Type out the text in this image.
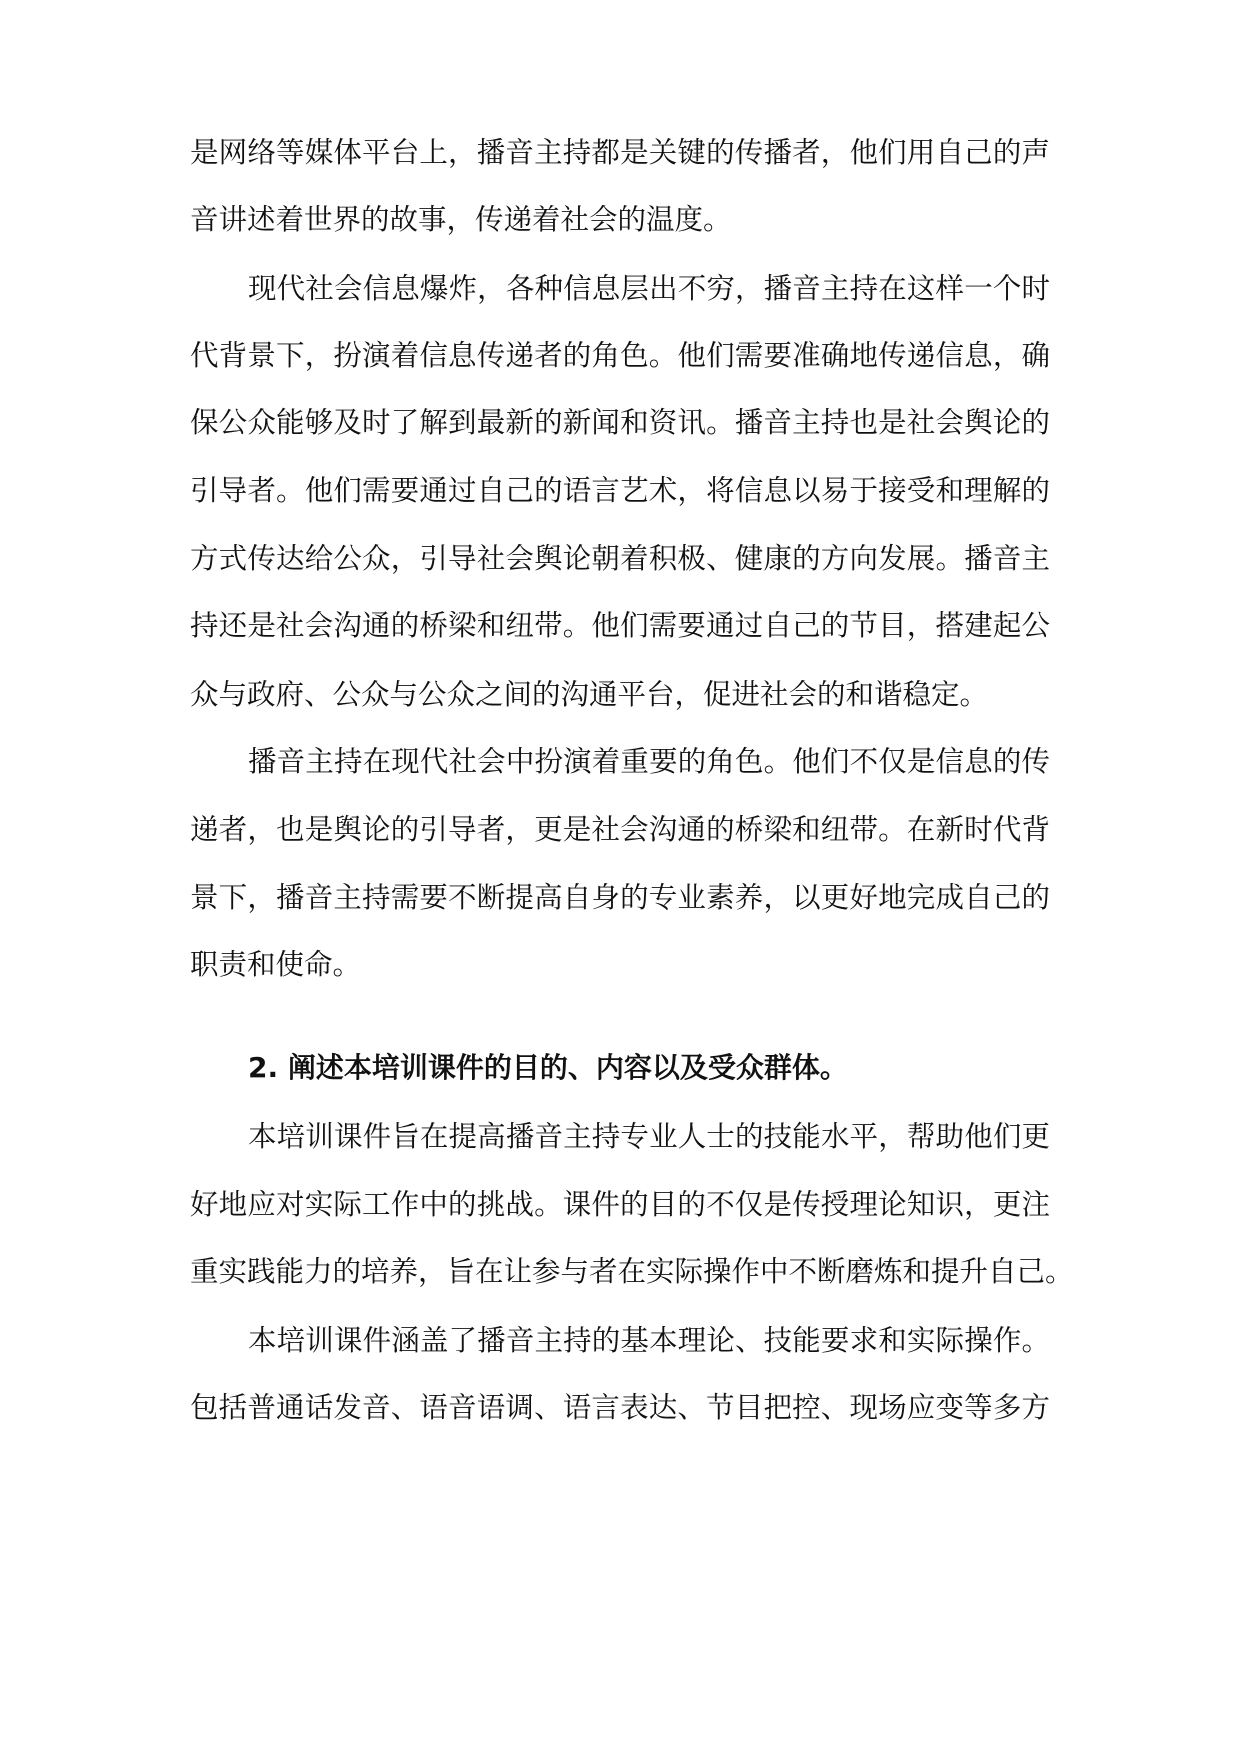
是网络等媒体平台上，播音主持都是关键的传播者，他们用自己的声
音讲述着世界的故事，传递着社会的温度。
现代社会信息爆炸，各种信息层出不穷，播音主持在这样一个时
代背景下，扮演着信息传递者的角色。他们需要准确地传递信息，确
保公众能够及时了解到最新的新闻和资讯。播音主持也是社会舆论的
引导者。他们需要通过自己的语言艺术，将信息以易于接受和理解的
方式传达给公众，引导社会舆论朝着积极、健康的方向发展。播音主
持还是社会沟通的桥梁和纽带。他们需要通过自己的节目，搭建起公
众与政府、公众与公众之间的沟通平台，促进社会的和谐稳定。
播音主持在现代社会中扮演着重要的角色。他们不仅是信息的传
递者，也是舆论的引导者，更是社会沟通的桥梁和纽带。在新时代背
景下，播音主持需要不断提高自身的专业素养，以更好地完成自己的
职责和使命。
2. 阐述本培训课件的目的、内容以及受众群体。
本培训课件旨在提高播音主持专业人士的技能水平，帮助他们更
好地应对实际工作中的挑战。课件的目的不仅是传授理论知识，更注
重实践能力的培养，旨在让参与者在实际操作中不断磨炼和提升自己。
本培训课件涵盖了播音主持的基本理论、技能要求和实际操作。
包括普通话发音、语音语调、语言表达、节目把控、现场应变等多方
